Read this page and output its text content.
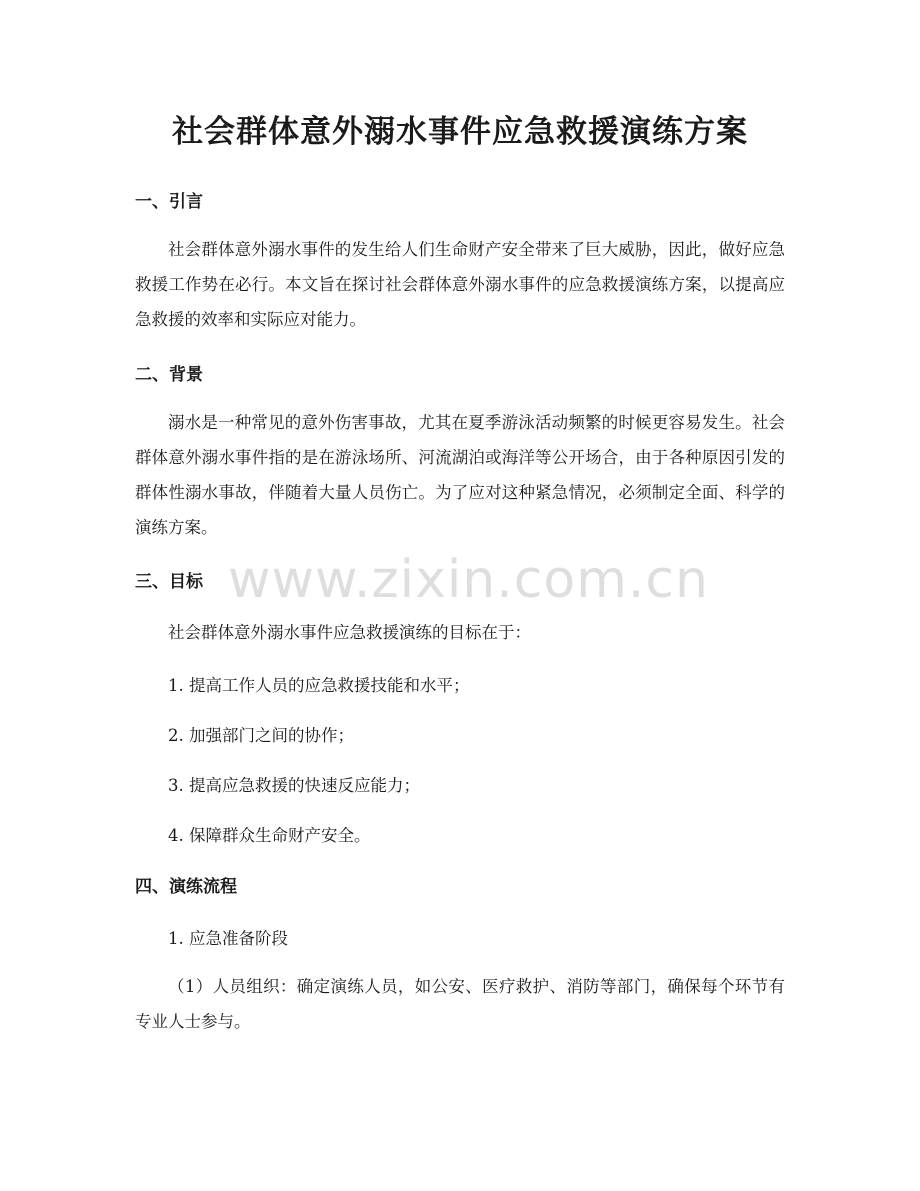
社会群体意外溺水事件应急救援演练方案
一、引言
社会群体意外溺水事件的发生给人们生命财产安全带来了巨大威胁，因此，做好应急救援工作势在必行。本文旨在探讨社会群体意外溺水事件的应急救援演练方案，以提高应急救援的效率和实际应对能力。
二、背景
溺水是一种常见的意外伤害事故，尤其在夏季游泳活动频繁的时候更容易发生。社会群体意外溺水事件指的是在游泳场所、河流湖泊或海洋等公开场合，由于各种原因引发的群体性溺水事故，伴随着大量人员伤亡。为了应对这种紧急情况，必须制定全面、科学的演练方案。
www.zixin.com.cn
三、目标
社会群体意外溺水事件应急救援演练的目标在于：
1. 提高工作人员的应急救援技能和水平；
2. 加强部门之间的协作；
3. 提高应急救援的快速反应能力；
4. 保障群众生命财产安全。
四、演练流程
1. 应急准备阶段
（1）人员组织：确定演练人员，如公安、医疗救护、消防等部门，确保每个环节有专业人士参与。
